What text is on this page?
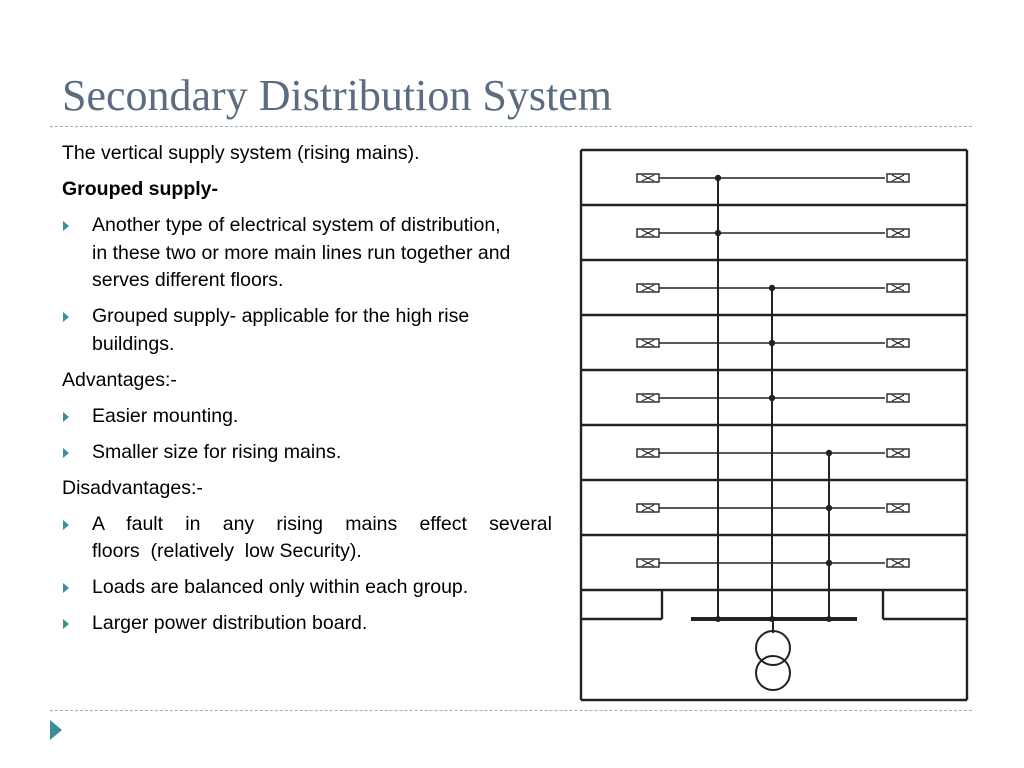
Secondary Distribution System

The vertical supply system (rising mains).

Grouped supply-

Another type of electrical system of distribution, in these two or more main lines run together and serves different floors.
Grouped supply- applicable for the high rise buildings.

Advantages:-

Easier mounting.
Smaller size for rising mains.

Disadvantages:-

A fault in any rising mains effect several
floors  (relatively  low Security).
Loads are balanced only within each group.
Larger power distribution board.
